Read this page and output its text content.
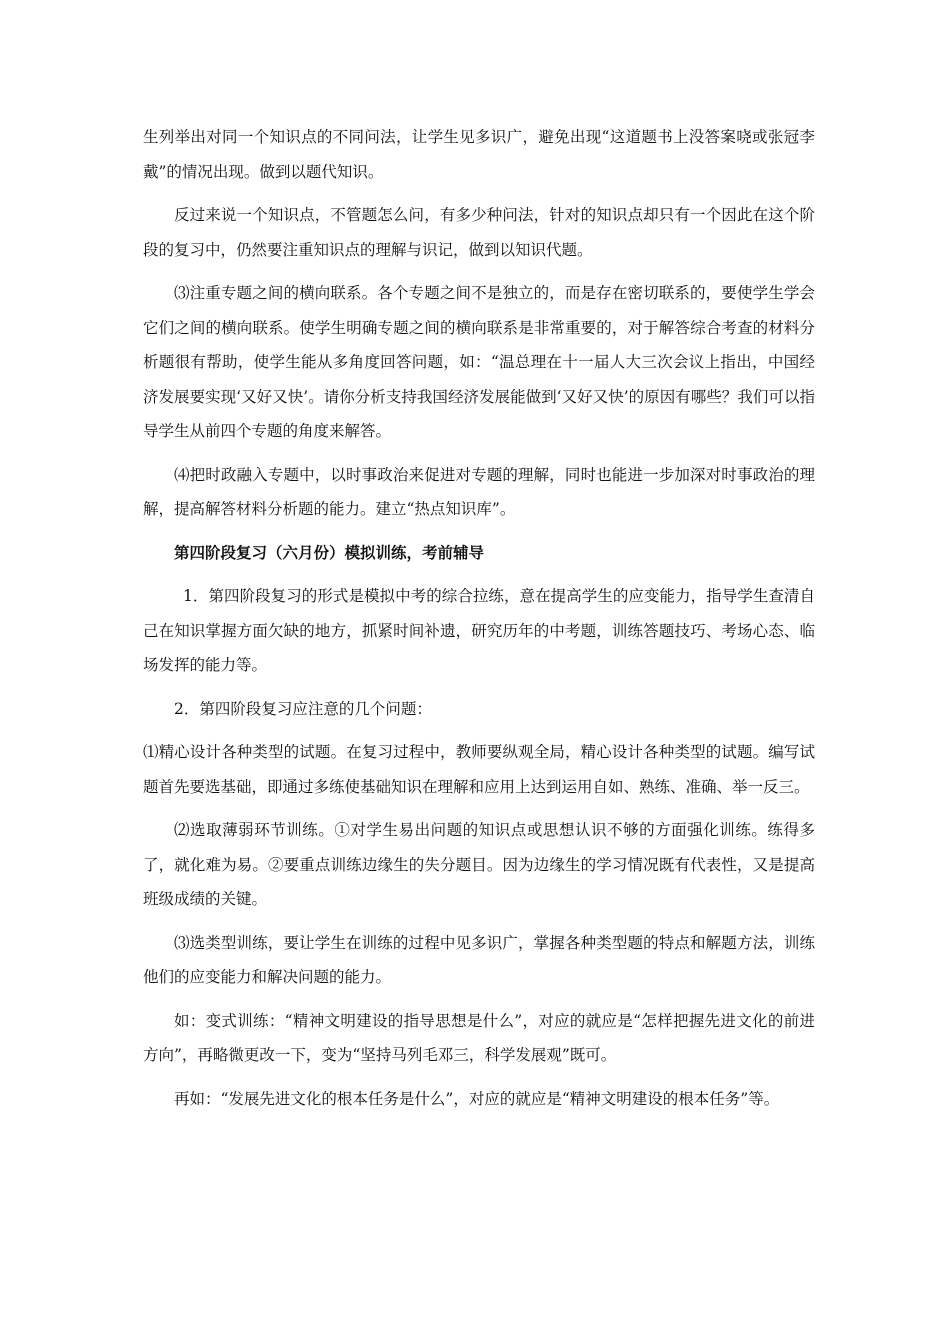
生列举出对同一个知识点的不同问法，让学生见多识广，避免出现“这道题书上没答案哓或张冠李戴”的情况出现。做到以题代知识。

反过来说一个知识点，不管题怎么问，有多少种问法，针对的知识点却只有一个因此在这个阶段的复习中，仍然要注重知识点的理解与识记，做到以知识代题。

⑶注重专题之间的横向联系。各个专题之间不是独立的，而是存在密切联系的，要使学生学会它们之间的横向联系。使学生明确专题之间的横向联系是非常重要的，对于解答综合考查的材料分析题很有帮助，使学生能从多角度回答问题，如：“温总理在十一届人大三次会议上指出，中国经济发展要实现‘又好又快’。请你分析支持我国经济发展能做到‘又好又快’的原因有哪些？我们可以指导学生从前四个专题的角度来解答。

⑷把时政融入专题中，以时事政治来促进对专题的理解，同时也能进一步加深对时事政治的理解，提高解答材料分析题的能力。建立“热点知识库”。

第四阶段复习（六月份）模拟训练，考前辅导

1．第四阶段复习的形式是模拟中考的综合拉练，意在提高学生的应变能力，指导学生查清自己在知识掌握方面欠缺的地方，抓紧时间补遗，研究历年的中考题，训练答题技巧、考场心态、临场发挥的能力等。

2．第四阶段复习应注意的几个问题：

⑴精心设计各种类型的试题。在复习过程中，教师要纵观全局，精心设计各种类型的试题。编写试题首先要选基础，即通过多练使基础知识在理解和应用上达到运用自如、熟练、准确、举一反三。

⑵选取薄弱环节训练。①对学生易出问题的知识点或思想认识不够的方面强化训练。练得多了，就化难为易。②要重点训练边缘生的失分题目。因为边缘生的学习情况既有代表性，又是提高班级成绩的关键。

⑶选类型训练，要让学生在训练的过程中见多识广，掌握各种类型题的特点和解题方法，训练他们的应变能力和解决问题的能力。

如：变式训练：“精神文明建设的指导思想是什么”，对应的就应是“怎样把握先进文化的前进方向”，再略微更改一下，变为“坚持马列毛邓三，科学发展观”既可。

再如：“发展先进文化的根本任务是什么”，对应的就应是“精神文明建设的根本任务”等。
